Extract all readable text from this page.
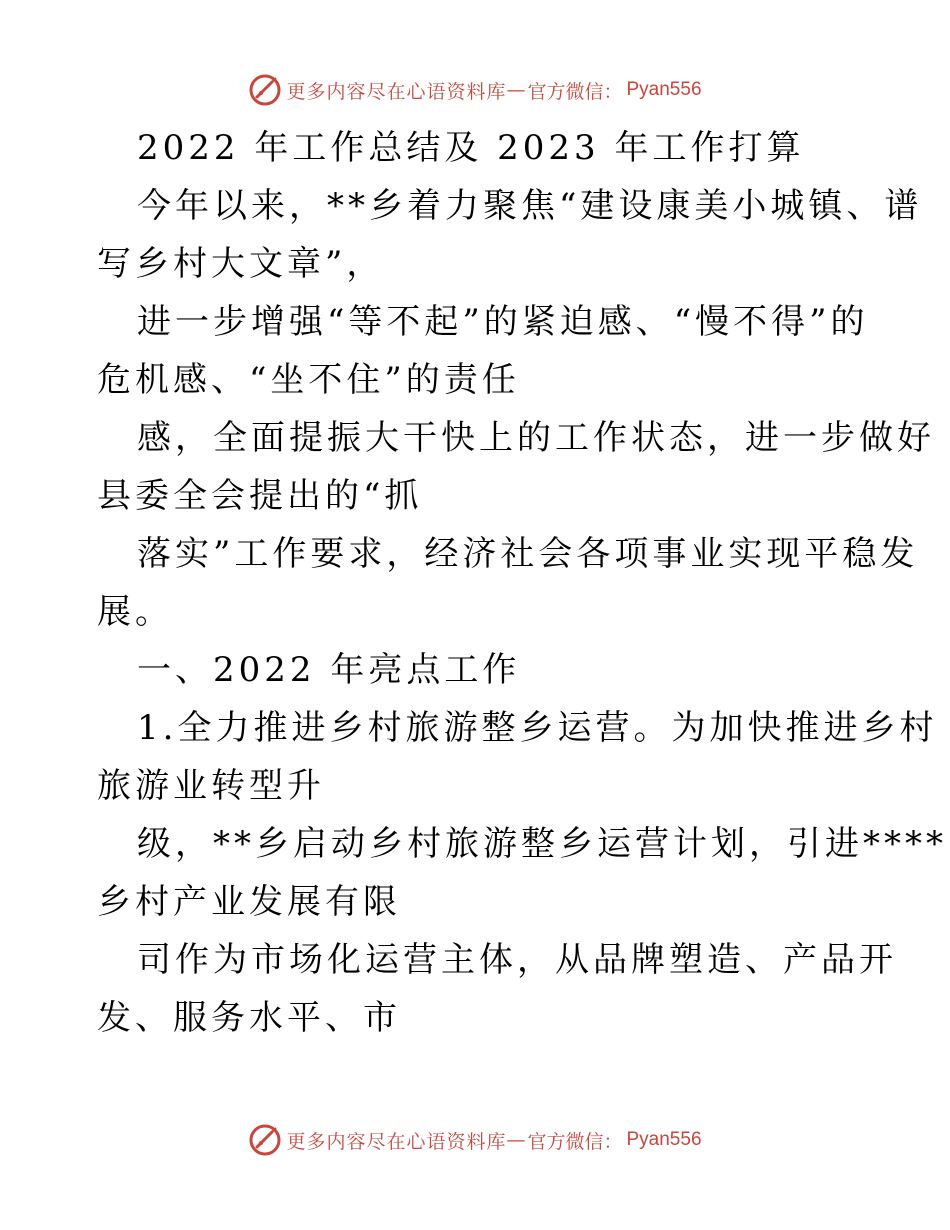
更多内容尽在心语资料库 — 官方微信： Pyan556
2022 年工作总结及 2023 年工作打算
今年以来，**乡着力聚焦“建设康美小城镇、谱
写乡村大文章”，
进一步增强“等不起”的紧迫感、“慢不得”的
危机感、“坐不住”的责任
感，全面提振大干快上的工作状态，进一步做好
县委全会提出的“抓
落实”工作要求，经济社会各项事业实现平稳发
展。
一、2022 年亮点工作
1.全力推进乡村旅游整乡运营。为加快推进乡村
旅游业转型升
级，**乡启动乡村旅游整乡运营计划，引进****
乡村产业发展有限
司作为市场化运营主体，从品牌塑造、产品开
发、服务水平、市
更多内容尽在心语资料库 — 官方微信： Pyan556
